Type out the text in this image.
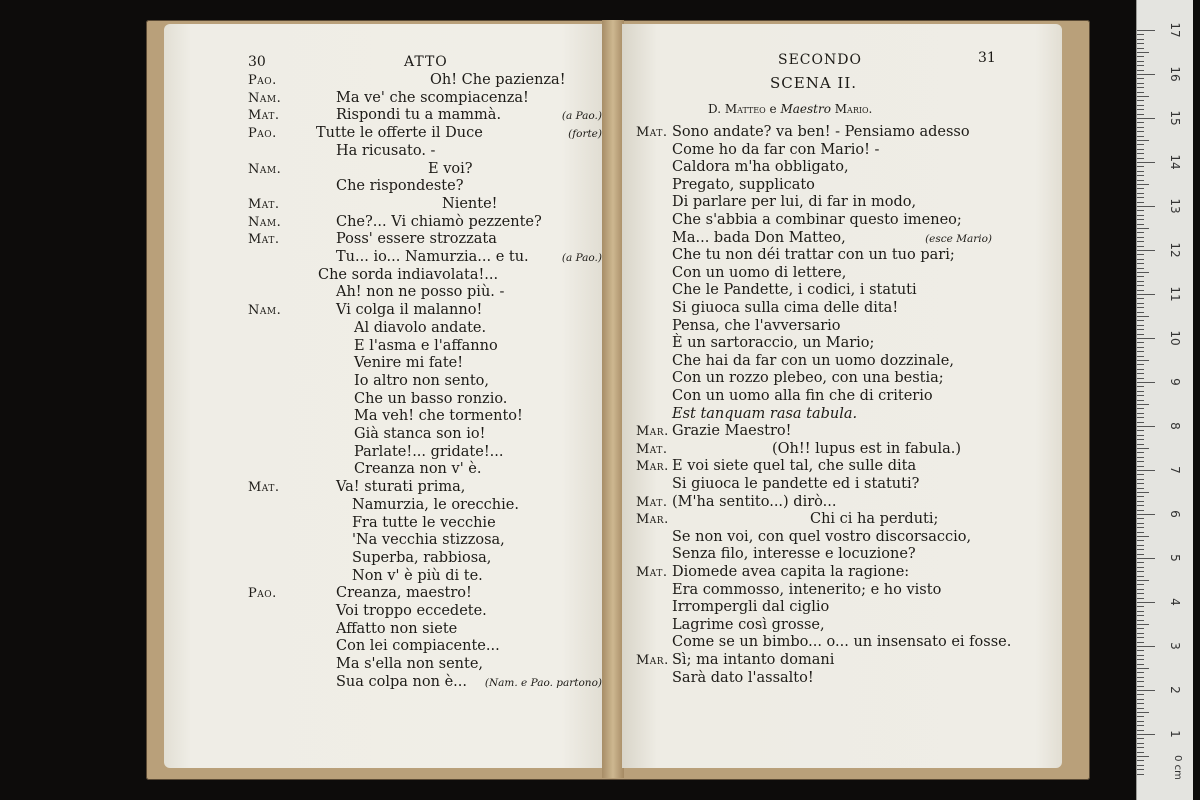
30	ATTO
Pao.	Oh! Che pazienza!
Nam.	Ma ve' che scompiacenza!
Mat.	Rispondi tu a mammà.	(a Pao.)
Pao.	Tutte le offerte il Duce	(forte)
Ha ricusato. -
Nam.	E voi?
Che rispondeste?
Mat.	Niente!
Nam.	Che?... Vi chiamò pezzente?
Mat.	Poss' essere strozzata
Tu... io... Namurzia... e tu.	(a Pao.)
Che sorda indiavolata!...
Ah! non ne posso più. -
Nam.	Vi colga il malanno!
Al diavolo andate.
E l'asma e l'affanno
Venire mi fate!
Io altro non sento,
Che un basso ronzio.
Ma veh! che tormento!
Già stanca son io!
Parlate!... gridate!...
Creanza non v' è.
Mat.	Va! sturati prima,
Namurzia, le orecchie.
Fra tutte le vecchie
'Na vecchia stizzosa,
Superba, rabbiosa,
Non v' è più di te.
Pao.	Creanza, maestro!
Voi troppo eccedete.
Affatto non siete
Con lei compiacente...
Ma s'ella non sente,
Sua colpa non è... (Nam. e Pao. partono)
SECONDO	31
SCENA II.
D. Matteo e Maestro Mario.
Mat. Sono andate? va ben! - Pensiamo adesso
Come ho da far con Mario! -
Caldora m'ha obbligato,
Pregato, supplicato
Di parlare per lui, di far in modo,
Che s'abbia a combinar questo imeneo;
Ma... bada Don Matteo,	(esce Mario)
Che tu non déi trattar con un tuo pari;
Con un uomo di lettere,
Che le Pandette, i codici, i statuti
Si giuoca sulla cima delle dita!
Pensa, che l'avversario
È un sartoraccio, un Mario;
Che hai da far con un uomo dozzinale,
Con un rozzo plebeo, con una bestia;
Con un uomo alla fin che di criterio
Est tanquam rasa tabula.
Mar. Grazie Maestro!
Mat.	(Oh!! lupus est in fabula.)
Mar. E voi siete quel tal, che sulle dita
Si giuoca le pandette ed i statuti?
Mat. (M'ha sentito...) dirò...
Mar.	Chi ci ha perduti;
Se non voi, con quel vostro discorsaccio,
Senza filo, interesse e locuzione?
Mat. Diomede avea capita la ragione:
Era commosso, intenerito; e ho visto
Irrompergli dal ciglio
Lagrime così grosse,
Come se un bimbo... o... un insensato ei fosse.
Mar. Sì; ma intanto domani
Sarà dato l'assalto!
17
16
15
14
13
12
11
10
9
8
7
6
5
4
3
2
1
0 cm
